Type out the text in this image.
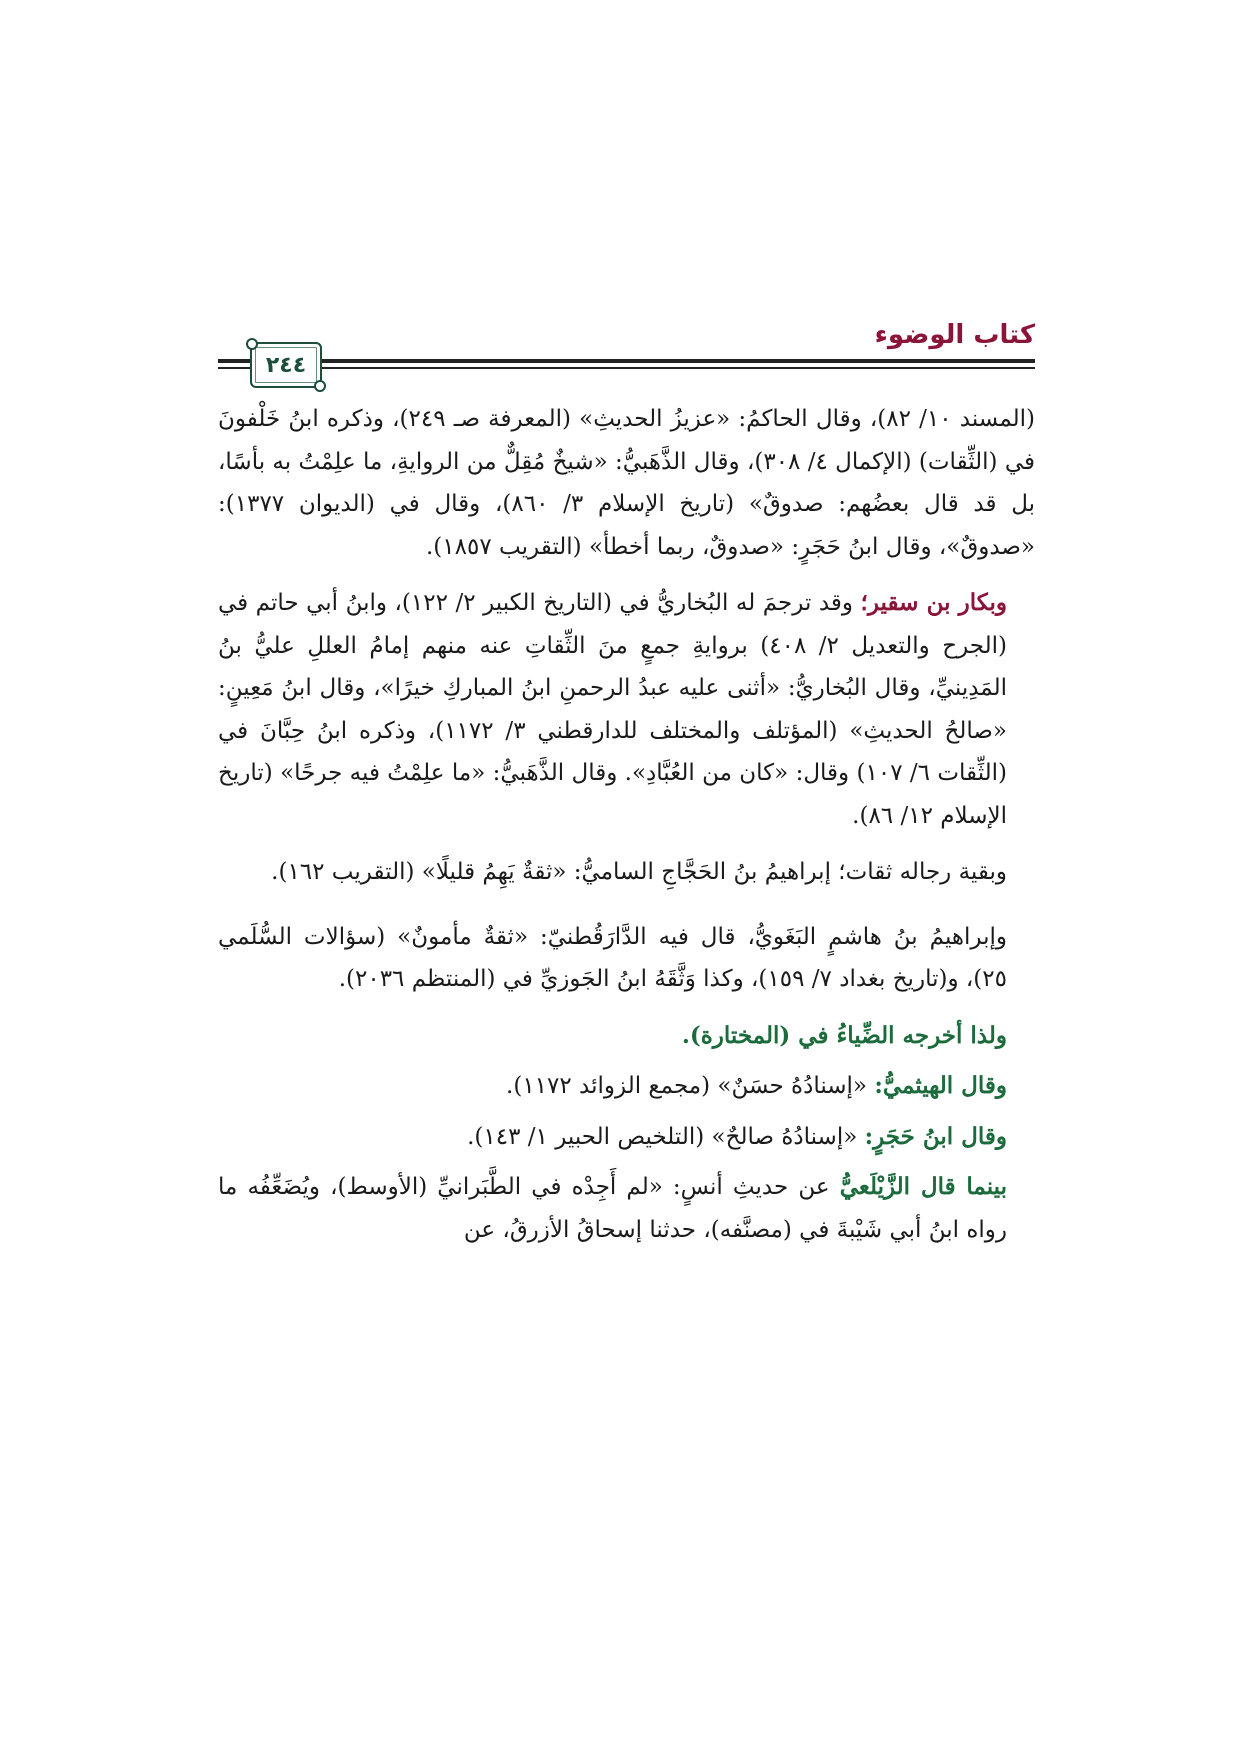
كتاب الوضوء
٢٤٤

(المسند ١٠/ ٨٢)، وقال الحاكمُ: «عزيزُ الحديثِ» (المعرفة صـ ٢٤٩)، وذكره ابنُ خَلْفونَ في (الثِّقات) (الإكمال ٤/ ٣٠٨)، وقال الذَّهَبيُّ: «شيخٌ مُقِلٌّ من الروايةِ، ما علِمْتُ به بأسًا، بل قد قال بعضُهم: صدوقٌ» (تاريخ الإسلام ٣/ ٨٦٠)، وقال في (الديوان ١٣٧٧): «صدوقٌ»، وقال ابنُ حَجَرٍ: «صدوقٌ، ربما أخطأ» (التقريب ١٨٥٧).

وبكار بن سقير؛ وقد ترجمَ له البُخاريُّ في (التاريخ الكبير ٢/ ١٢٢)، وابنُ أبي حاتم في (الجرح والتعديل ٢/ ٤٠٨) بروايةِ جمعٍ منَ الثِّقاتِ عنه منهم إمامُ العللِ عليُّ بنُ المَدِينيِّ، وقال البُخاريُّ: «أثنى عليه عبدُ الرحمنِ ابنُ المباركِ خيرًا»، وقال ابنُ مَعِينٍ: «صالحُ الحديثِ» (المؤتلف والمختلف للدارقطني ٣/ ١١٧٢)، وذكره ابنُ حِبَّانَ في (الثِّقات ٦/ ١٠٧) وقال: «كان من العُبَّادِ». وقال الذَّهَبيُّ: «ما علِمْتُ فيه جرحًا» (تاريخ الإسلام ١٢/ ٨٦).

وبقية رجاله ثقات؛ إبراهيمُ بنُ الحَجَّاجِ الساميُّ: «ثقةٌ يَهِمُ قليلًا» (التقريب ١٦٢).

وإبراهيمُ بنُ هاشمٍ البَغَويُّ، قال فيه الدَّارَقُطنيّ: «ثقةٌ مأمونٌ» (سؤالات السُّلَمي ٢٥)، و(تاريخ بغداد ٧/ ١٥٩)، وكذا وَثَّقَهُ ابنُ الجَوزيِّ في (المنتظم ٢٠٣٦).

ولذا أخرجه الضِّياءُ في (المختارة).

وقال الهيثميُّ: «إسنادُهُ حسَنٌ» (مجمع الزوائد ١١٧٢).

وقال ابنُ حَجَرٍ: «إسنادُهُ صالحٌ» (التلخيص الحبير ١/ ١٤٣).

بينما قال الزَّيْلَعيُّ عن حديثِ أنسٍ: «لم أَجِدْه في الطَّبَرانيِّ (الأوسط)، ويُضَعِّفُه ما رواه ابنُ أبي شَيْبةَ في (مصنَّفه)، حدثنا إسحاقُ الأزرقُ، عن
